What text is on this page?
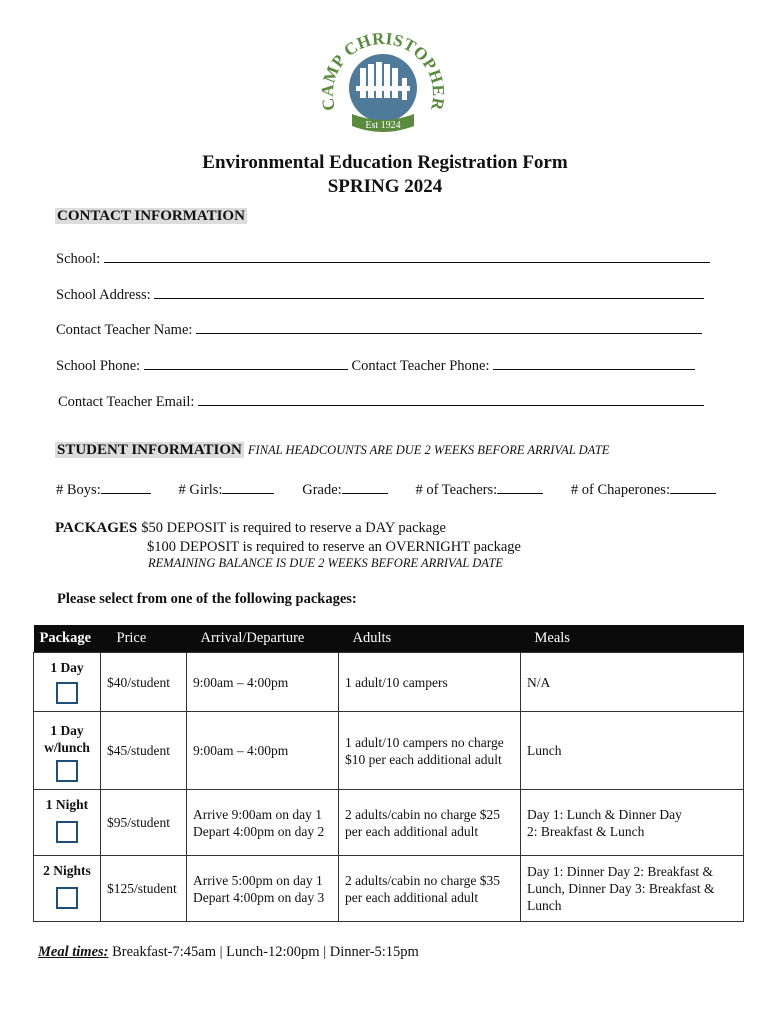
CAMP CHRISTOPHER
Est 1924
Environmental Education Registration Form
SPRING 2024
CONTACT INFORMATION
School:
School Address:
Contact Teacher Name:
School Phone:	Contact Teacher Phone:
Contact Teacher Email:
STUDENT INFORMATION FINAL HEADCOUNTS ARE DUE 2 WEEKS BEFORE ARRIVAL DATE
# Boys:	# Girls:	Grade:	# of Teachers:	# of Chaperones:
PACKAGES $50 DEPOSIT is required to reserve a DAY package
$100 DEPOSIT is required to reserve an OVERNIGHT package
REMAINING BALANCE IS DUE 2 WEEKS BEFORE ARRIVAL DATE
Please select from one of the following packages:
Package	Price	Arrival/Departure	Adults	Meals

1 Day	$40/student	9:00am – 4:00pm	1 adult/10 campers	N/A

1 Day w/lunch	$45/student	9:00am – 4:00pm	1 adult/10 campers no charge $10 per each additional adult	Lunch

1 Night	$95/student	Arrive 9:00am on day 1 Depart 4:00pm on day 2	2 adults/cabin no charge $25 per each additional adult	Day 1: Lunch & Dinner Day 2: Breakfast & Lunch

2 Nights	$125/student	Arrive 5:00pm on day 1 Depart 4:00pm on day 3	2 adults/cabin no charge $35 per each additional adult	Day 1: Dinner Day 2: Breakfast & Lunch, Dinner Day 3: Breakfast & Lunch
Meal times: Breakfast-7:45am | Lunch-12:00pm | Dinner-5:15pm
